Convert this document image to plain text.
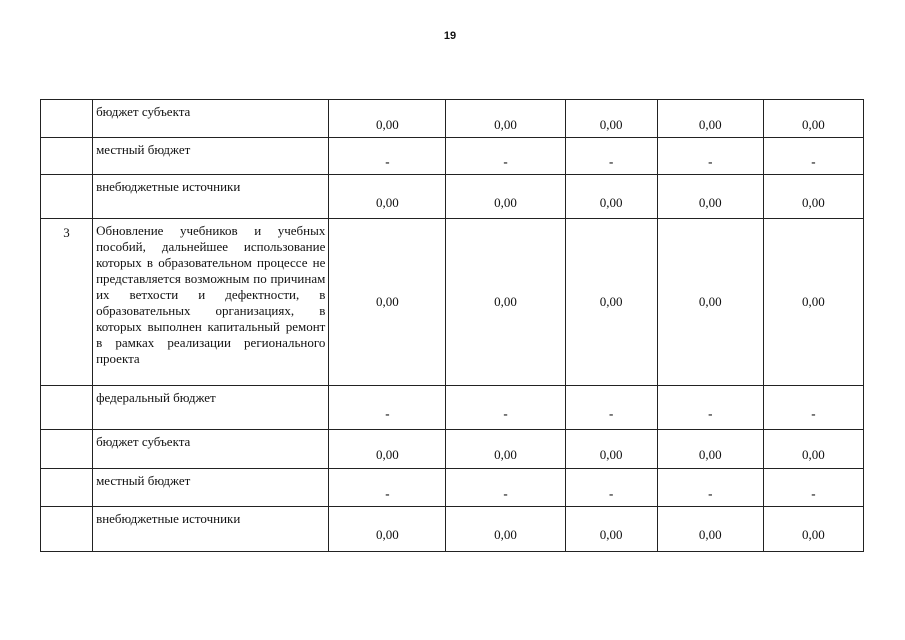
19
	бюджет субъекта	0,00	0,00	0,00	0,00	0,00
	местный бюджет	-	-	-	-	-
	внебюджетные источники	0,00	0,00	0,00	0,00	0,00
3	Обновление учебников и учебных пособий, дальнейшее использование которых в образовательном процессе не представляется возможным по причинам их ветхости и дефектности, в образовательных организациях, в которых выполнен капитальный ремонт в рамках реализации регионального проекта	0,00	0,00	0,00	0,00	0,00
	федеральный бюджет	-	-	-	-	-
	бюджет субъекта	0,00	0,00	0,00	0,00	0,00
	местный бюджет	-	-	-	-	-
	внебюджетные источники	0,00	0,00	0,00	0,00	0,00
